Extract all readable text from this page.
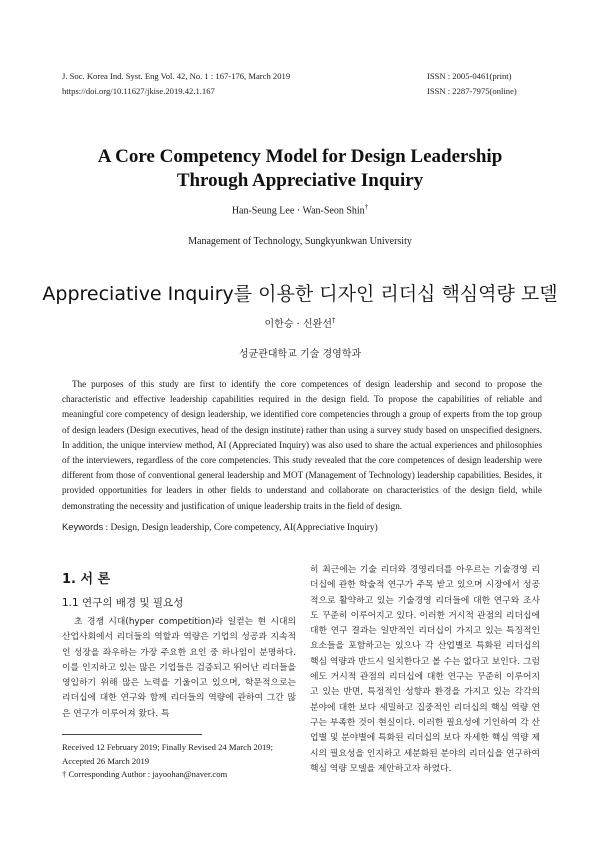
J. Soc. Korea Ind. Syst. Eng Vol. 42, No. 1 : 167-176, March 2019
https://doi.org/10.11627/jkise.2019.42.1.167
ISSN : 2005-0461(print)
ISSN : 2287-7975(online)
A Core Competency Model for Design Leadership
Through Appreciative Inquiry
Han-Seung Lee · Wan-Seon Shin†
Management of Technology, Sungkyunkwan University
Appreciative Inquiry를 이용한 디자인 리더십 핵심역량 모델
이한승 · 신완선†
성균관대학교 기술 경영학과
The purposes of this study are first to identify the core competences of design leadership and second to propose the characteristic and effective leadership capabilities required in the design field. To propose the capabilities of reliable and meaningful core competency of design leadership, we identified core competencies through a group of experts from the top group of design leaders (Design executives, head of the design institute) rather than using a survey study based on unspecified designers. In addition, the unique interview method, AI (Appreciated Inquiry) was also used to share the actual experiences and philosophies of the interviewers, regardless of the core competencies. This study revealed that the core competences of design leadership were different from those of conventional general leadership and MOT (Management of Technology) leadership capabilities. Besides, it provided opportunities for leaders in other fields to understand and collaborate on characteristics of the design field, while demonstrating the necessity and justification of unique leadership traits in the field of design.
Keywords : Design, Design leadership, Core competency, AI(Appreciative Inquiry)
1. 서 론
1.1 연구의 배경 및 필요성
초 경쟁 시대(hyper competition)라 일컫는 현 시대의 산업사회에서 리더들의 역할과 역량은 기업의 성공과 지속적인 성장을 좌우하는 가장 주요한 요인 중 하나임이 분명하다. 이를 인지하고 있는 많은 기업들은 검증되고 뛰어난 리더들을 영입하기 위해 많은 노력을 기울이고 있으며, 학문적으로는 리더십에 대한 연구와 함께 리더들의 역량에 관하여 그간 많은 연구가 이루어져 왔다. 특
히 최근에는 기술 리더와 경영리더를 아우르는 기술경영 리더십에 관한 학술적 연구가 주목 받고 있으며 시장에서 성공적으로 활약하고 있는 기술경영 리더들에 대한 연구와 조사도 꾸준히 이루어지고 있다. 이러한 거시적 관점의 리더십에 대한 연구 결과는 일반적인 리더십이 가지고 있는 특징적인 요소들을 포함하고는 있으나 각 산업별로 특화된 리더십의 핵심 역량과 반드시 일치한다고 볼 수는 없다고 보인다. 그럼에도 거시적 관점의 리더십에 대한 연구는 꾸준히 이루어지고 있는 반면, 특정적인 성향과 환경을 가지고 있는 각각의 분야에 대한 보다 세밀하고 집중적인 리더십의 핵심 역량 연구는 부족한 것이 현실이다. 이러한 필요성에 기인하여 각 산업별 및 분야별에 특화된 리더십의 보다 자세한 핵심 역량 제시의 필요성을 인지하고 세분화된 분야의 리더십을 연구하여 핵심 역량 모델을 제안하고자 하였다.
Received 12 February 2019; Finally Revised 24 March 2019;
Accepted 26 March 2019
† Corresponding Author : jayoohan@naver.com
